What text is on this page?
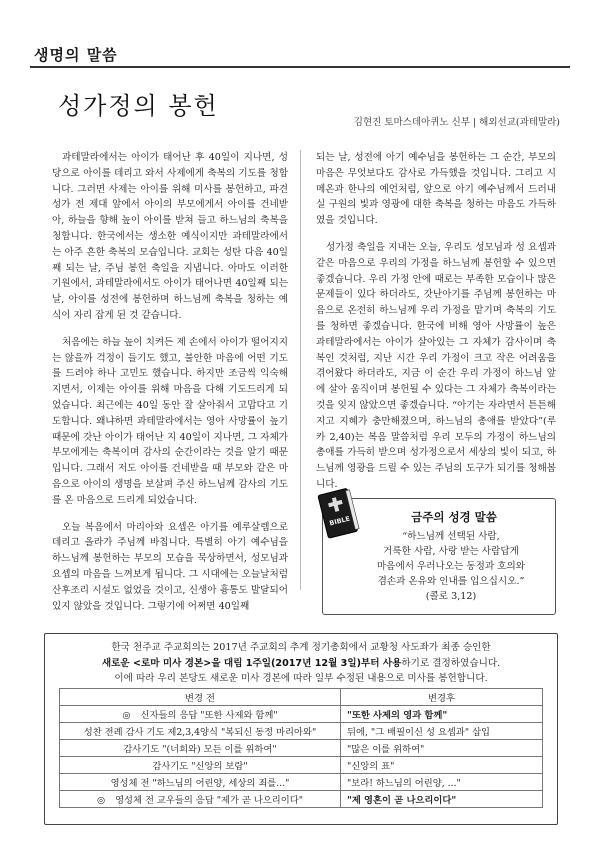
생명의 말씀
성가정의 봉헌
김현진 토마스데아퀴노 신부 | 해외선교(과테말라)

과테말라에서는 아이가 태어난 후 40일이 지나면, 성당으로 아이를 데리고 와서 사제에게 축복의 기도를 청합니다. 그러면 사제는 아이를 위해 미사를 봉헌하고, 파견 성가 전 제대 앞에서 아이의 부모에게서 아이를 건네받아, 하늘을 향해 높이 아이를 받쳐 들고 하느님의 축복을 청합니다. 한국에서는 생소한 예식이지만 과테말라에서는 아주 흔한 축복의 모습입니다. 교회는 성탄 다음 40일째 되는 날, 주님 봉헌 축일을 지냅니다. 아마도 이러한 기원에서, 과테말라에서도 아이가 태어나면 40일째 되는 날, 아이를 성전에 봉헌하며 하느님께 축복을 청하는 예식이 자리 잡게 된 것 같습니다.

처음에는 하늘 높이 치켜든 제 손에서 아이가 떨어지지는 않을까 걱정이 들기도 했고, 불안한 마음에 어떤 기도를 드려야 하나 고민도 했습니다. 하지만 조금씩 익숙해지면서, 이제는 아이를 위해 마음을 다해 기도드리게 되었습니다. 최근에는 40일 동안 잘 살아줘서 고맙다고 기도합니다. 왜냐하면 과테말라에서는 영아 사망률이 높기 때문에 갓난 아이가 태어난 지 40일이 지나면, 그 자체가 부모에게는 축복이며 감사의 순간이라는 것을 알기 때문입니다. 그래서 저도 아이를 건네받을 때 부모와 같은 마음으로 아이의 생명을 보살펴 주신 하느님께 감사의 기도를 온 마음으로 드리게 되었습니다.

오늘 복음에서 마리아와 요셉은 아기를 예루살렘으로 데리고 올라가 주님께 바칩니다. 특별히 아기 예수님을 하느님께 봉헌하는 부모의 모습을 묵상하면서, 성모님과 요셉의 마음을 느껴보게 됩니다. 그 시대에는 오늘날처럼 산후조리 시설도 없었을 것이고, 신생아 흉통도 발달되어 있지 않았을 것입니다. 그렇기에 어쩌면 40일째

되는 날, 성전에 아기 예수님을 봉헌하는 그 순간, 부모의 마음은 무엇보다도 감사로 가득했을 것입니다. 그리고 시메온과 한나의 예언처럼, 앞으로 아기 예수님께서 드러내실 구원의 빛과 영광에 대한 축복을 청하는 마음도 가득하였을 것입니다.

성가정 축일을 지내는 오늘, 우리도 성모님과 성 요셉과 같은 마음으로 우리의 가정을 하느님께 봉헌할 수 있으면 좋겠습니다. 우리 가정 안에 때로는 부족한 모습이나 많은 문제들이 있다 하더라도, 갓난아기를 주님께 봉헌하는 마음으로 온전히 하느님께 우리 가정을 맡기며 축복의 기도를 청하면 좋겠습니다. 한국에 비해 영아 사망률이 높은 과테말라에서는 아이가 살아있는 그 자체가 감사이며 축복인 것처럼, 지난 시간 우리 가정이 크고 작은 어려움을 겪어왔다 하더라도, 지금 이 순간 우리 가정이 하느님 앞에 살아 움직이며 봉헌될 수 있다는 그 자체가 축복이라는 것을 잊지 않았으면 좋겠습니다. “아기는 자라면서 튼튼해지고 지혜가 충만해졌으며, 하느님의 총애를 받았다”(루카 2,40)는 복음 말씀처럼 우리 모두의 가정이 하느님의 총애를 가득히 받으며 성가정으로서 세상의 빛이 되고, 하느님께 영광을 드릴 수 있는 주님의 도구가 되기를 청해봅니다.

BIBLE	금주의 성경 말씀
“하느님께 선택된 사람,
거룩한 사람, 사랑 받는 사람답게
마음에서 우러나오는 동정과 호의와
겸손과 온유와 인내를 입으십시오.”
(콜로 3,12)
한국 천주교 주교회의는 2017년 주교회의 추계 정기총회에서 교황청 사도좌가 최종 승인한
새로운 <로마 미사 경본>을 대림 1주일(2017년 12월 3일)부터 사용하기로 결정하였습니다.
이에 따라 우리 본당도 새로운 미사 경본에 따라 일부 수정된 내용으로 미사를 봉헌합니다.
변경 전	변경후
◎ 신자들의 응답 "또한 사제와 함께"	"또한 사제의 영과 함께"
성찬 전례 감사 기도 제2,3,4양식 "복되신 동정 마리아와"	뒤에, "그 배필이신 성 요셉과" 삽입
감사기도 "(너희와) 모든 이를 위하여"	"많은 이를 위하여"
감사기도 "신앙의 보람"	"신앙의 표"
영성체 전 "하느님의 어린양, 세상의 죄를..."	"보라! 하느님의 어린양, ..."
◎ 영성체 전 교우들의 응답 "제가 곧 나으리이다"	"제 영혼이 곧 나으리이다"
